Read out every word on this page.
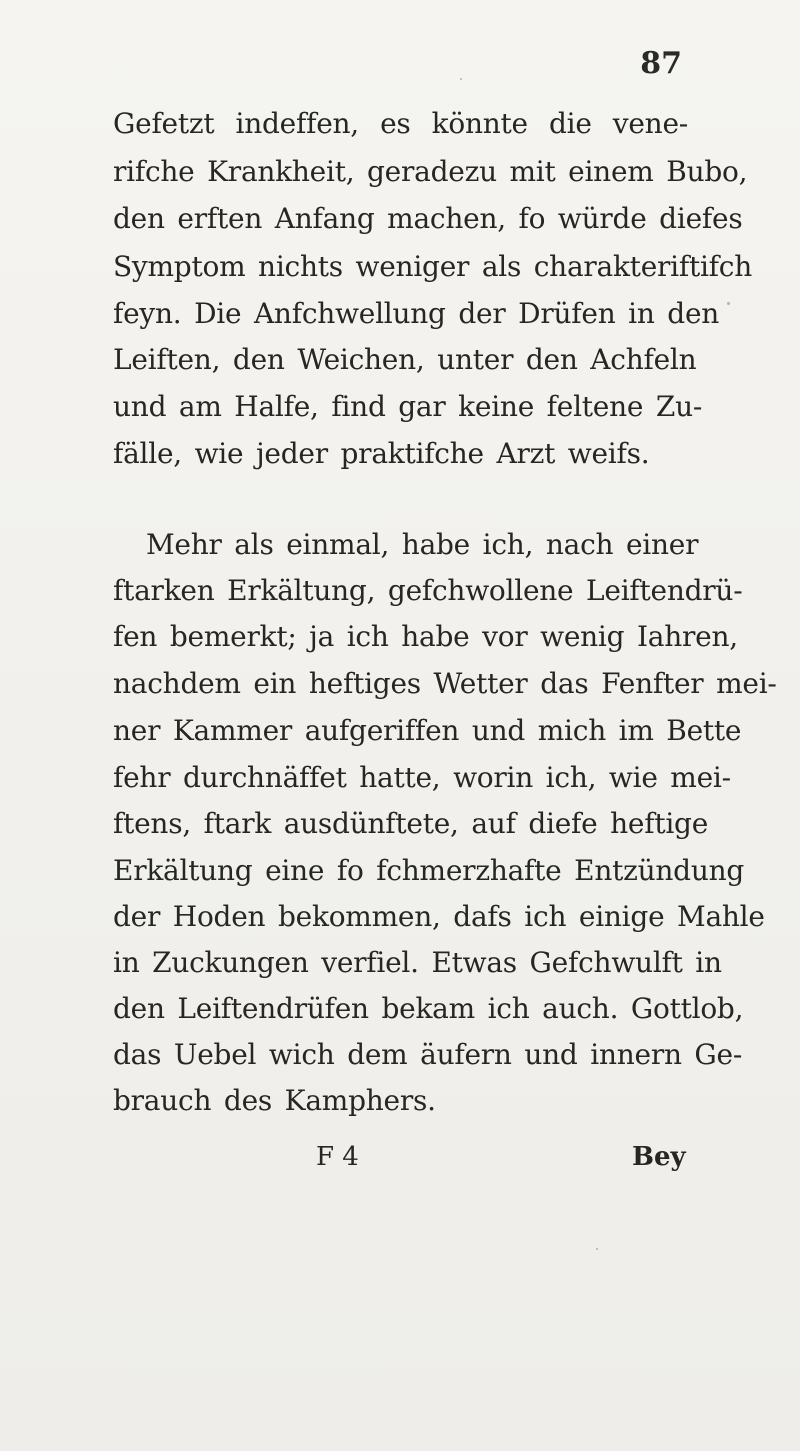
87
Gefetzt indeffen, es könnte die vene-
rifche Krankheit, geradezu mit einem Bubo,
den erften Anfang machen, fo würde diefes
Symptom nichts weniger als charakteriftifch
feyn. Die Anfchwellung der Drüfen in den
Leiften, den Weichen, unter den Achfeln
und am Halfe, find gar keine feltene Zu-
fälle, wie jeder praktifche Arzt weifs.
Mehr als einmal, habe ich, nach einer
ftarken Erkältung, gefchwollene Leiftendrü-
fen bemerkt; ja ich habe vor wenig Iahren,
nachdem ein heftiges Wetter das Fenfter mei-
ner Kammer aufgeriffen und mich im Bette
fehr durchnäffet hatte, worin ich, wie mei-
ftens, ftark ausdünftete, auf diefe heftige
Erkältung eine fo fchmerzhafte Entzündung
der Hoden bekommen, dafs ich einige Mahle
in Zuckungen verfiel. Etwas Gefchwulft in
den Leiftendrüfen bekam ich auch. Gottlob,
das Uebel wich dem äufern und innern Ge-
brauch des Kamphers.
F 4	Bey
